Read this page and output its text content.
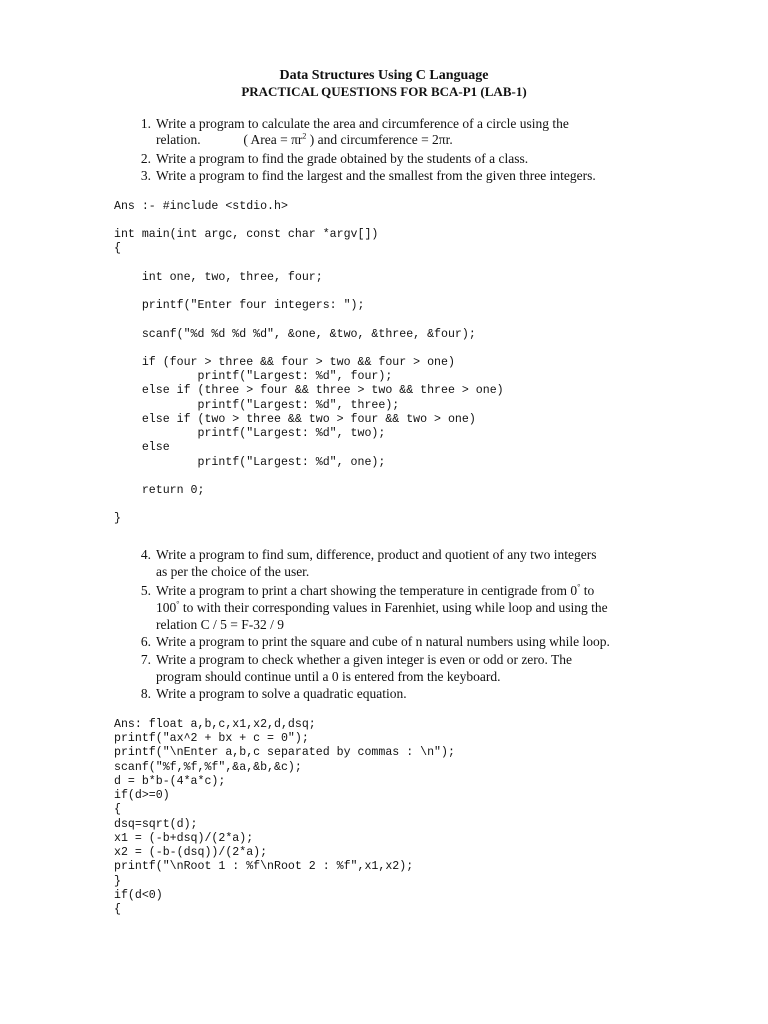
Data Structures Using C Language
PRACTICAL QUESTIONS FOR BCA-P1 (LAB-1)
1. Write a program to calculate the area and circumference of a circle using the
relation.	( Area = $\pi r^2$ ) and circumference = 2πr.
2. Write a program to find the grade obtained by the students of a class.
3. Write a program to find the largest and the smallest from the given three integers.
Ans :- #include <stdio.h>
int main(int argc, const char *argv[])
{
int one, two, three, four;
printf("Enter four integers: ");
scanf("%d %d %d %d", &one, &two, &three, &four);
if (four > three && four > two && four > one)
printf("Largest: %d", four);
else if (three > four && three > two && three > one)
printf("Largest: %d", three);
else if (two > three && two > four && two > one)
printf("Largest: %d", two);
else
printf("Largest: %d", one);
return 0;
}
4. Write a program to find sum, difference, product and quotient of any two integers
as per the choice of the user.
5. Write a program to print a chart showing the temperature in centigrade from 0° to
100° to with their corresponding values in Farenhiet, using while loop and using the
relation C / 5 = F-32 / 9
6. Write a program to print the square and cube of n natural numbers using while loop.
7. Write a program to check whether a given integer is even or odd or zero. The
program should continue until a 0 is entered from the keyboard.
8. Write a program to solve a quadratic equation.
Ans: float a,b,c,x1,x2,d,dsq;
printf("ax^2 + bx + c = 0");
printf("\nEnter a,b,c separated by commas : \n");
scanf("%f,%f,%f",&a,&b,&c);
d = b*b-(4*a*c);
if(d>=0)
{
dsq=sqrt(d);
x1 = (-b+dsq)/(2*a);
x2 = (-b-(dsq))/(2*a);
printf("\nRoot 1 : %f\nRoot 2 : %f",x1,x2);
}
if(d<0)
{
